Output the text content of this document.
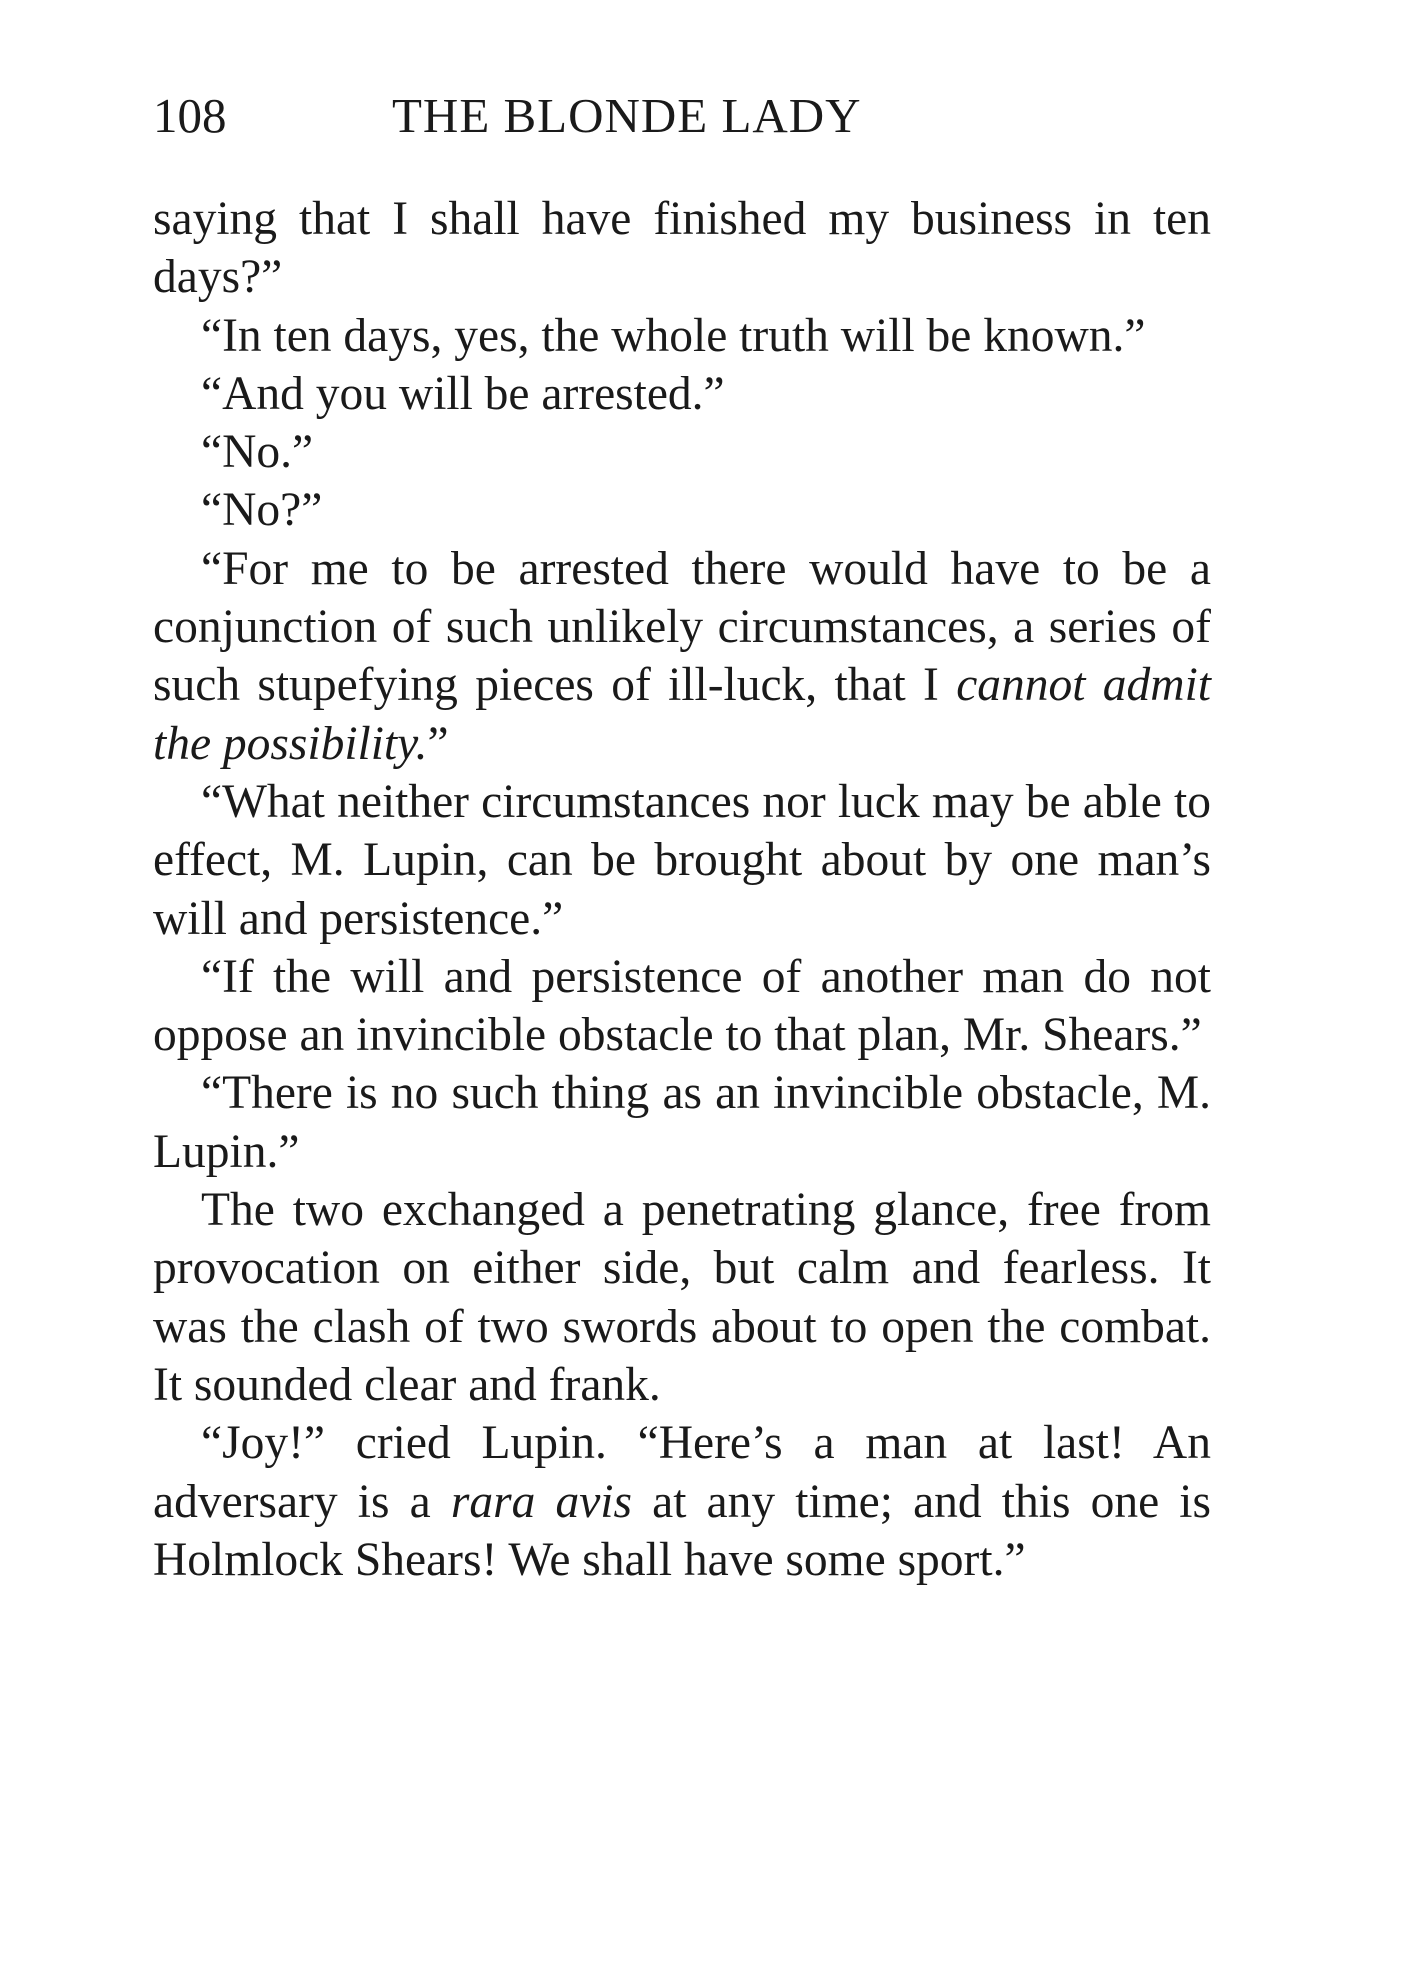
108	THE BLONDE LADY

saying that I shall have finished my business in ten days?”

“In ten days, yes, the whole truth will be known.”

“And you will be arrested.”

“No.”

“No?”

“For me to be arrested there would have to be a conjunction of such unlikely circumstances, a series of such stupefying pieces of ill-luck, that I cannot admit the possibility.”

“What neither circumstances nor luck may be able to effect, M. Lupin, can be brought about by one man’s will and persistence.”

“If the will and persistence of another man do not oppose an invincible obstacle to that plan, Mr. Shears.”

“There is no such thing as an invincible obstacle, M. Lupin.”

The two exchanged a penetrating glance, free from provocation on either side, but calm and fearless. It was the clash of two swords about to open the combat. It sounded clear and frank.

“Joy!” cried Lupin. “Here’s a man at last! An adversary is a rara avis at any time; and this one is Holmlock Shears! We shall have some sport.”
